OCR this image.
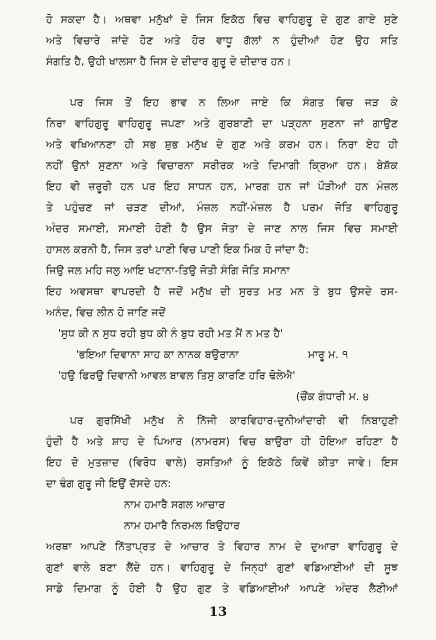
ਹੋ ਸਕਦਾ ਹੈ। ਅਥਵਾ ਮਨੁੱਖਾਂ ਦੇ ਜਿਸ ਇਕੱਠ ਵਿਚ ਵਾਹਿਗੁਰੂ ਦੇ ਗੁਣ ਗਾਏ ਸੁਣੇ
ਅਤੇ ਵਿਚਾਰੇ ਜਾਂਦੇ ਹੋਣ ਅਤੇ ਹੋਰ ਵਾਧੂ ਗੱਲਾਂ ਨ ਹੁੰਦੀਆਂ ਹੋਣ ਉਹ ਸਤਿ
ਸੰਗਤਿ ਹੈ, ਉਹੀ ਖਾਲਸਾ ਹੈ ਜਿਸ ਦੇ ਦੀਦਾਰ ਗੁਰੂ ਦੇ ਦੀਦਾਰ ਹਨ।
ਪਰ ਜਿਸ ਤੋਂ ਇਹ ਭਾਵ ਨ ਲਿਆ ਜਾਏ ਕਿ ਸੰਗਤ ਵਿਚ ਜੜ ਕੇ
ਨਿਰਾ ਵਾਹਿਗੁਰੂ ਵਾਹਿਗੁਰੂ ਜਪਣਾ ਅਤੇ ਗੁਰਬਾਣੀ ਦਾ ਪੜ੍ਹਨਾ ਸੁਣਨਾ ਜਾਂ ਗਾਉਣ
ਅਤੇ ਵਖਿਆਨਣਾ ਹੀ ਸਭ ਸ਼ੁਭ ਮਨੁੱਖ ਦੇ ਗੁਣ ਅਤੇ ਕਰਮ ਹਨ। ਨਿਰਾ ਏਹ ਹੀ
ਨਹੀਂ ਉਨਾਂ ਸੁਣਨਾ ਅਤੇ ਵਿਚਾਰਨਾ ਸਰੀਰਕ ਅਤੇ ਦਿਮਾਗੀ ਕ੍ਰਿਆ ਹਨ। ਬੇਸ਼ੱਕ
ਇਹ ਵੀ ਜ਼ਰੂਰੀ ਹਨ ਪਰ ਇਹ ਸਾਧਨ ਹਨ, ਮਾਰਗ ਹਨ ਜਾਂ ਪੌੜੀਆਂ ਹਨ ਮੰਜ਼ਲ
ਤੇ ਪਹੁੰਚਣ ਜਾਂ ਚੜਣ ਦੀਆਂ, ਮੰਜ਼ਲ ਨਹੀਂ-ਮੰਜ਼ਲ ਹੈ ਪਰਮ ਜੋਤਿ ਵਾਹਿਗੁਰੂ
ਅੰਦਰ ਸਮਾਈ, ਸਮਾਈ ਹੋਣੀ ਹੈ ਉਸ ਜੋਤਾ ਦੇ ਜਾਣ ਨਾਲ ਜਿਸ ਵਿਚ ਸਮਾਈ
ਹਾਸਲ ਕਰਨੀ ਹੈ, ਜਿਸ ਤਰਾਂ ਪਾਣੀ ਵਿਚ ਪਾਣੀ ਇਕ ਮਿਕ ਹੋ ਜਾਂਦਾ ਹੈ:
ਜਿਉ ਜਲ ਮਹਿ ਜਲੁ ਆਇ ਖਟਾਨਾ-ਤਿਉ ਜੋਤੀ ਸੰਗਿ ਜੋਤਿ ਸਮਾਨਾ
ਇਹ ਅਵਸਥਾ ਵਾਪਰਦੀ ਹੈ ਜਦੋਂ ਮਨੁੱਖ ਦੀ ਸੁਰਤ ਮਤ ਮਨ ਤੇ ਬੁਧ ਉਸਦੇ ਰਸ-
ਅਨੰਦ, ਵਿਚ ਲੀਨ ਹੋ ਜਾਣਿ ਜਦੋਂ
'ਸੁਧ ਕੀ ਨ ਸੁਧ ਰਹੀ ਬੁਧ ਕੀ ਨੰ ਬੁਧ ਰਹੀ ਮਤ ਮੈਂ ਨ ਮਤ ਹੈ'
'ਭਇਆ ਦਿਵਾਨਾ ਸਾਹ ਕਾ ਨਾਨਕ ਬਉਰਾਨਾ	ਮਾਰੂ ਮ. ੧
'ਹਉ ਫਿਰਉ ਦਿਵਾਨੀ ਆਵਲ ਬਾਵਲ ਤਿਸੁ ਕਾਰਣਿ ਹਰਿ ਢੋਲੇਐ'
(ਚੌਂਕ ਗੰਧਾਰੀ ਮ. ੪
ਪਰ ਗੁਰਸਿੱਖੀ ਮਨੁੱਖ ਨੇ ਨਿੱਜੀ ਕਾਰਵਿਹਾਰ-ਦੁਨੀਆਂਦਾਰੀ ਵੀ ਨਿਬਾਹੁਣੀ
ਹੁੰਦੀ ਹੈ ਅਤੇ ਸ਼ਾਹ ਦੇ ਪਿਆਰ (ਨਾਮਰਸ) ਵਿਚ ਬਾਉਰਾ ਹੀ ਹੋਇਆ ਰਹਿਣਾ ਹੈ
ਇਹ ਦੋ ਮੁਤਜ਼ਾਦ (ਵਿਰੋਧ ਵਾਲੇ) ਰਸਤਿਆਂ ਨੂੰ ਇਕੱਠੇ ਕਿਵੇਂ ਕੀਤਾ ਜਾਵੇ। ਇਸ
ਦਾ ਢੰਗ ਗੁਰੂ ਜੀ ਇਉਂ ਦੱਸਦੇ ਹਨ:
ਨਾਮ ਹਮਾਰੈ ਸਗਲ ਆਚਾਰ
ਨਾਮ ਹਮਾਰੈ ਨਿਰਮਲ ਬਿਉਹਾਰ
ਅਰਥਾ ਆਪਣੇ ਨਿੱਤਾਪ੍ਰਤ ਦੇ ਆਚਾਰ ਤੇ ਵਿਹਾਰ ਨਾਮ ਦੇ ਦੁਆਰਾ ਵਾਹਿਗੁਰੂ ਦੇ
ਗੁਣਾਂ ਵਾਲੇ ਬਣਾ ਲੈਂਦੇ ਹਨ। ਵਾਹਿਗੁਰੂ ਦੇ ਜਿਨ੍ਹਾਂ ਗੁਣਾਂ ਵਡਿਆਈਆਂ ਦੀ ਸੂਝ
ਸਾਡੇ ਦਿਮਾਗ ਨੂੰ ਹੋਈ ਹੈ ਉਹ ਗੁਣ ਤੇ ਵਡਿਆਈਆਂ ਆਪਣੇ ਅੰਦਰ ਲੈਣੀਆਂ
13
